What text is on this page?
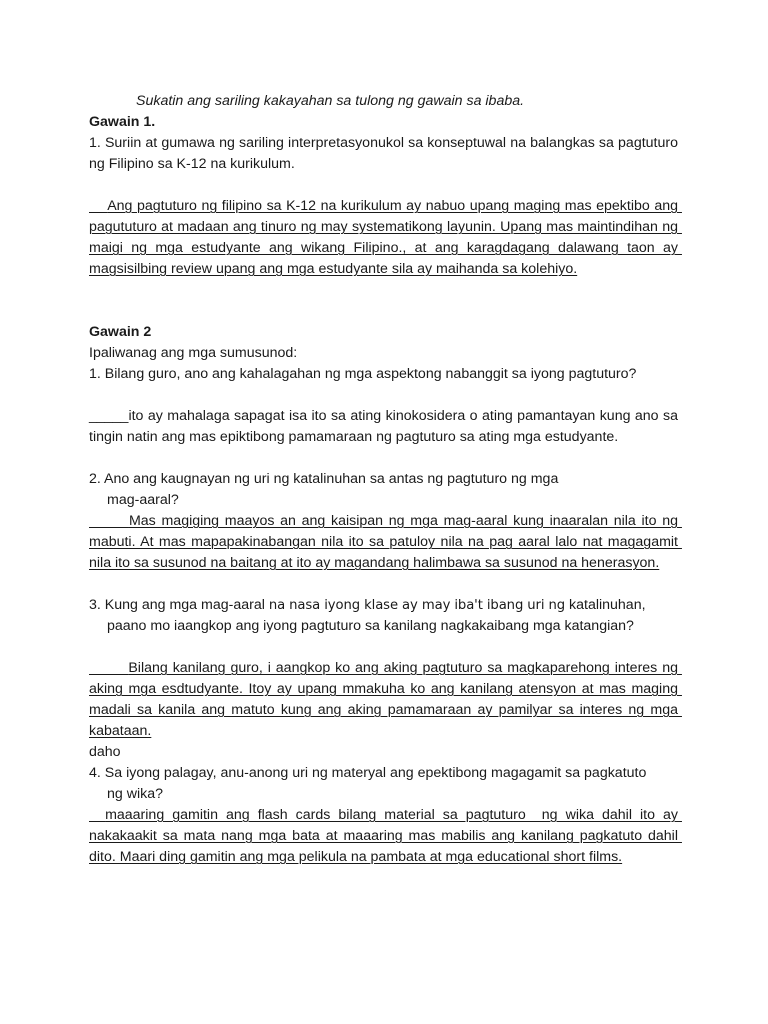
Sukatin ang sariling kakayahan sa tulong ng gawain sa ibaba.
Gawain 1.
1. Suriin at gumawa ng sariling interpretasyonukol sa konseptuwal na balangkas sa pagtuturo ng Filipino sa K-12 na kurikulum.
Ang pagtuturo ng filipino sa K-12 na kurikulum ay nabuo upang maging mas epektibo ang pagututuro at madaan ang tinuro ng may systematikong layunin. Upang mas maintindihan ng maigi ng mga estudyante ang wikang Filipino., at ang karagdagang dalawang taon ay magsisilbing review upang ang mga estudyante sila ay maihanda sa kolehiyo.
Gawain 2
Ipaliwanag ang mga sumusunod:
1. Bilang guro, ano ang kahalagahan ng mga aspektong nabanggit sa iyong pagtuturo?
_____ito ay mahalaga sapagat isa ito sa ating kinokosidera o ating pamantayan kung ano sa tingin natin ang mas epiktibong pamamaraan ng pagtuturo sa ating mga estudyante.
2. Ano ang kaugnayan ng uri ng katalinuhan sa antas ng pagtuturo ng mga
mag-aaral?
Mas magiging maayos an ang kaisipan ng mga mag-aaral kung inaaralan nila ito ng mabuti. At mas mapapakinabangan nila ito sa patuloy nila na pag aaral lalo nat magagamit nila ito sa susunod na baitang at ito ay magandang halimbawa sa susunod na henerasyon.
3. Kung ang mga mag-aaral na nasa iyong klase ay may iba't ibang uri ng katalinuhan,
paano mo iaangkop ang iyong pagtuturo sa kanilang nagkakaibang mga katangian?
Bilang kanilang guro, i aangkop ko ang aking pagtuturo sa magkaparehong interes ng aking mga esdtudyante. Itoy ay upang mmakuha ko ang kanilang atensyon at mas maging madali sa kanila ang matuto kung ang aking pamamaraan ay pamilyar sa interes ng mga kabataan.
daho
4. Sa iyong palagay, anu-anong uri ng materyal ang epektibong magagamit sa pagkatuto
ng wika?
maaaring gamitin ang flash cards bilang material sa pagtuturo  ng wika dahil ito ay nakakaakit sa mata nang mga bata at maaaring mas mabilis ang kanilang pagkatuto dahil dito. Maari ding gamitin ang mga pelikula na pambata at mga educational short films.
